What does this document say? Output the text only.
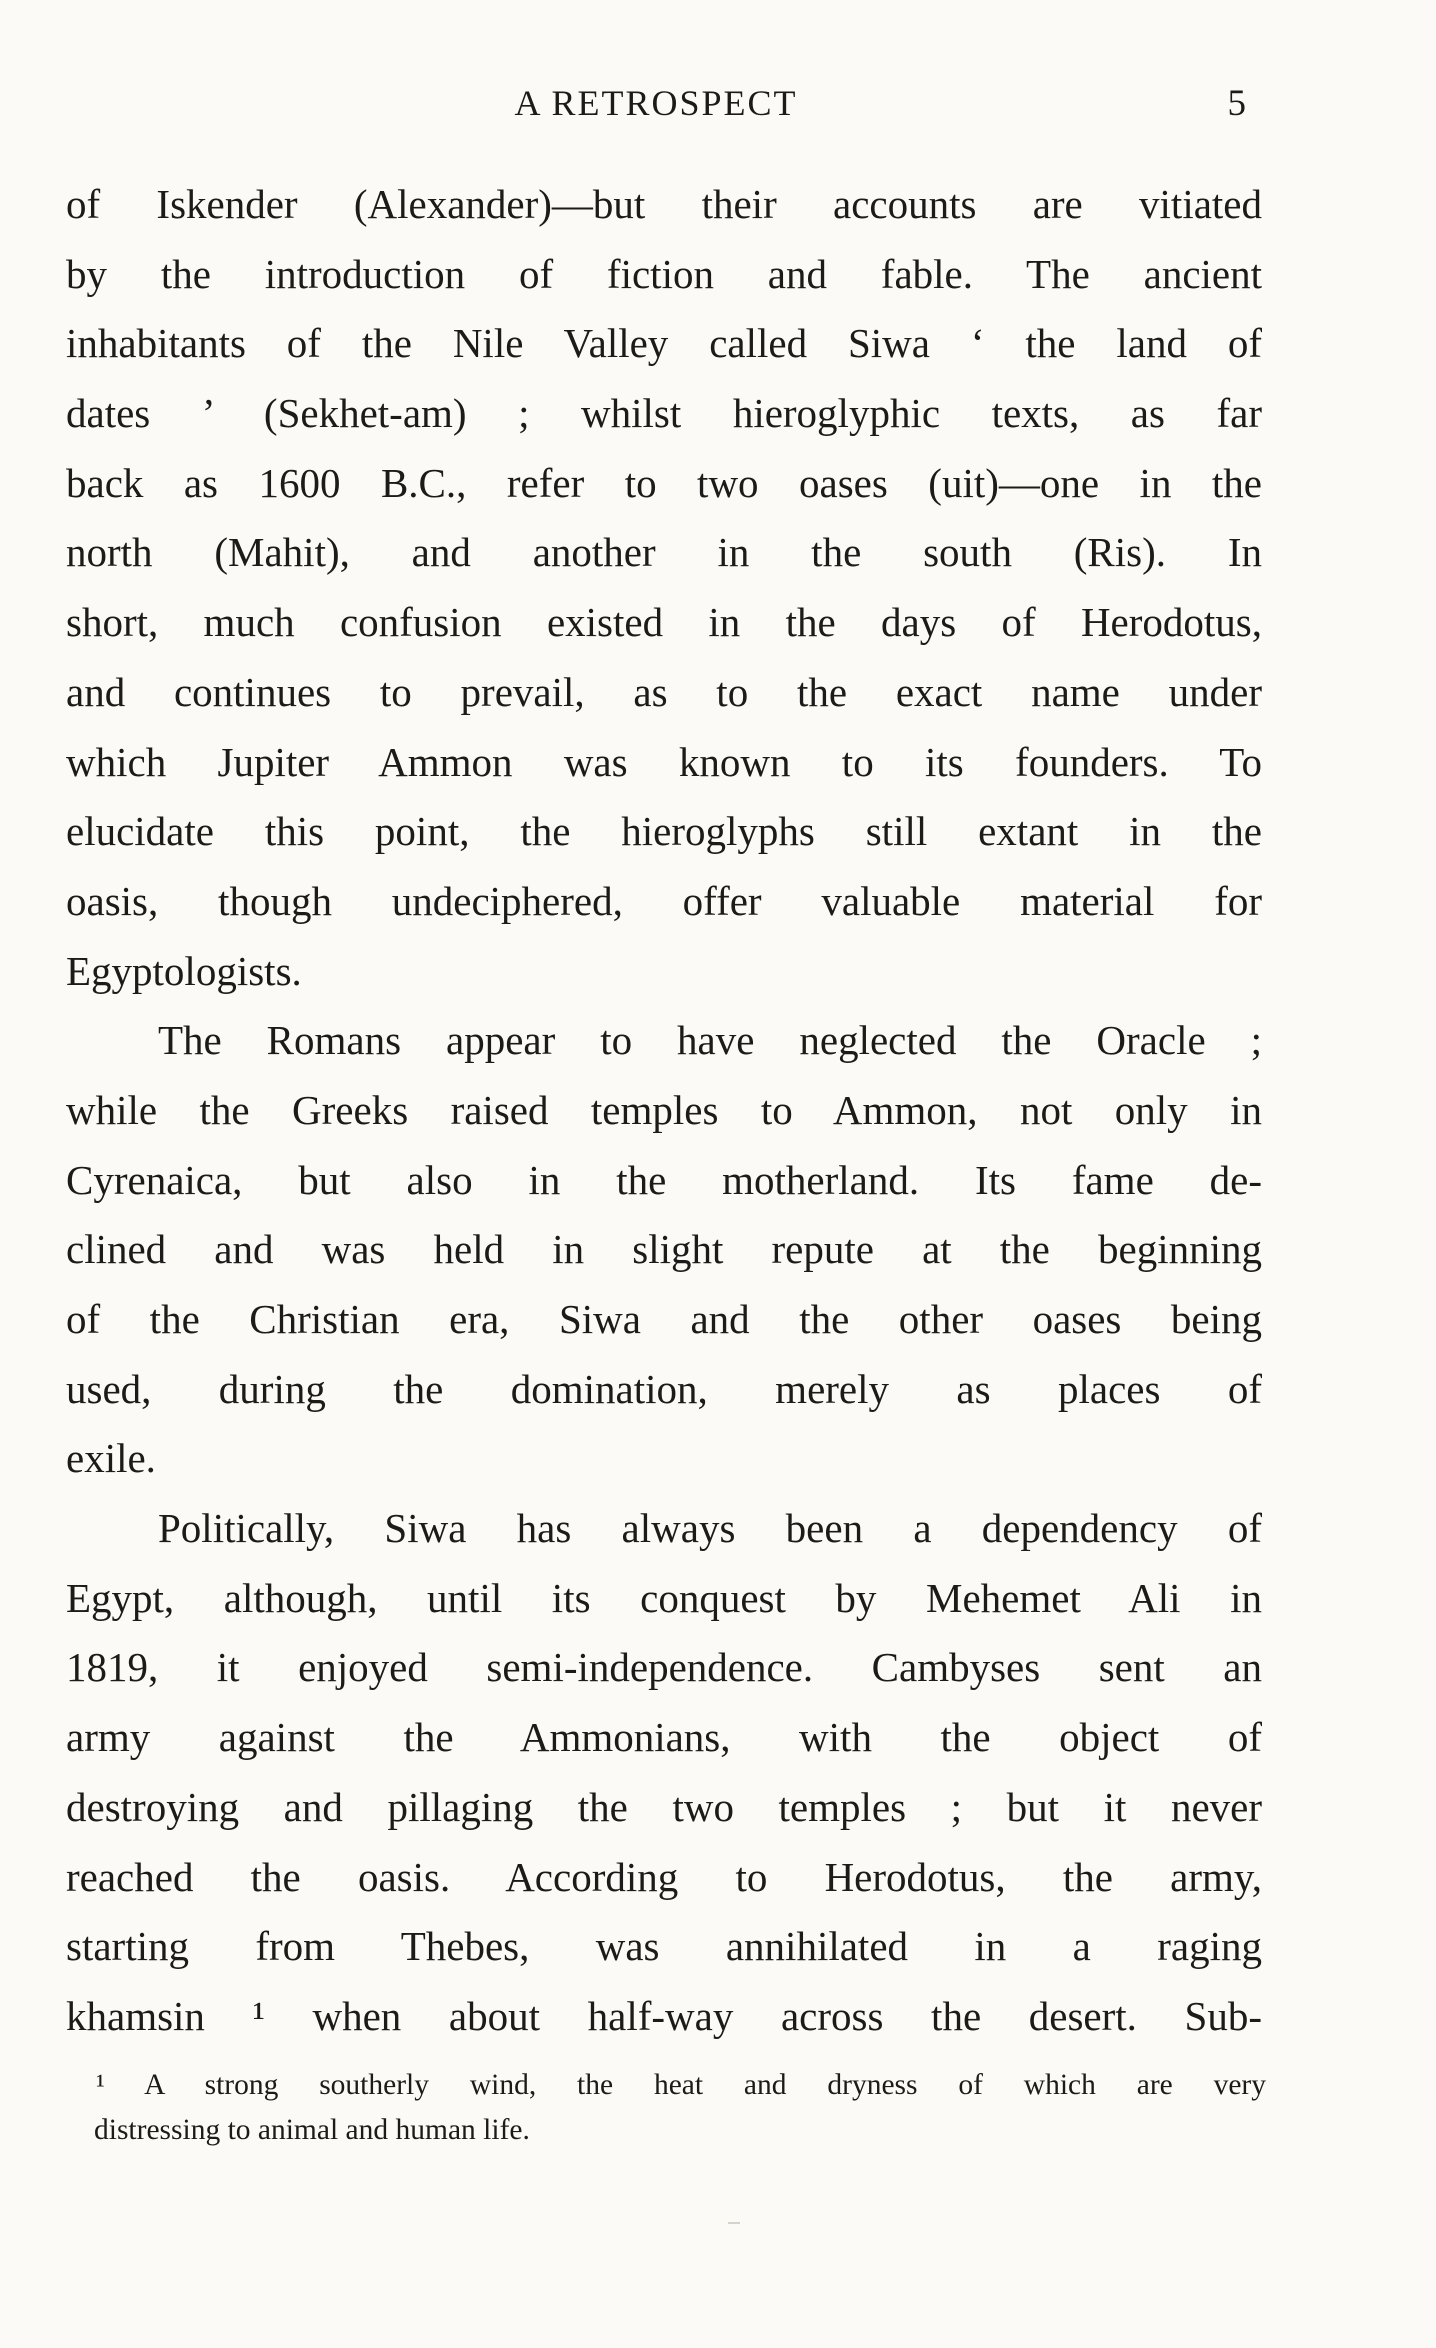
A RETROSPECT	5
of Iskender (Alexander)—but their accounts are vitiated
by the introduction of fiction and fable. The ancient
inhabitants of the Nile Valley called Siwa ‘ the land of
dates ’ (Sekhet-am) ; whilst hieroglyphic texts, as far
back as 1600 B.C., refer to two oases (uit)—one in the
north (Mahit), and another in the south (Ris). In
short, much confusion existed in the days of Herodotus,
and continues to prevail, as to the exact name under
which Jupiter Ammon was known to its founders. To
elucidate this point, the hieroglyphs still extant in the
oasis, though undeciphered, offer valuable material for
Egyptologists.
The Romans appear to have neglected the Oracle ;
while the Greeks raised temples to Ammon, not only in
Cyrenaica, but also in the motherland. Its fame de-
clined and was held in slight repute at the beginning
of the Christian era, Siwa and the other oases being
used, during the domination, merely as places of
exile.
Politically, Siwa has always been a dependency of
Egypt, although, until its conquest by Mehemet Ali in
1819, it enjoyed semi-independence. Cambyses sent an
army against the Ammonians, with the object of
destroying and pillaging the two temples ; but it never
reached the oasis. According to Herodotus, the army,
starting from Thebes, was annihilated in a raging
khamsin ¹ when about half-way across the desert. Sub-
¹ A strong southerly wind, the heat and dryness of which are very
distressing to animal and human life.
